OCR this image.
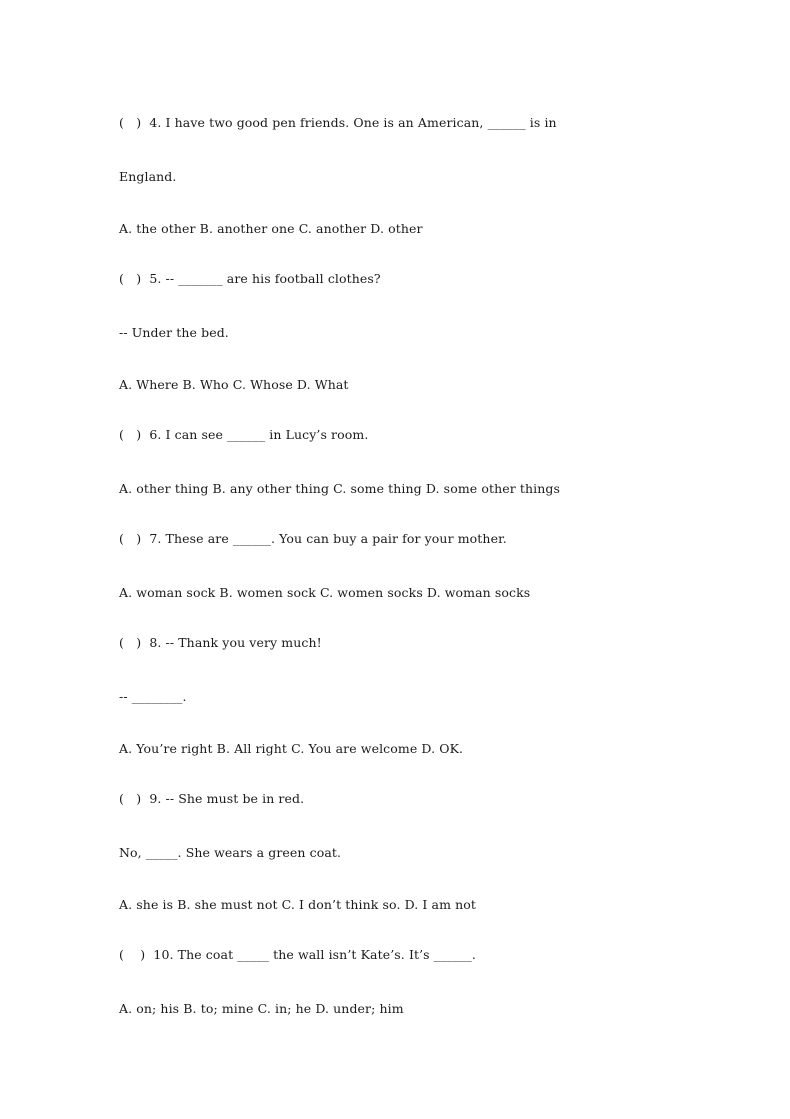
(   )  4. I have two good pen friends. One is an American, ______ is in
England.
A. the other B. another one C. another D. other
(   )  5. -- _______ are his football clothes?
-- Under the bed.
A. Where B. Who C. Whose D. What
(   )  6. I can see ______ in Lucy’s room.
A. other thing B. any other thing C. some thing D. some other things
(   )  7. These are ______. You can buy a pair for your mother.
A. woman sock B. women sock C. women socks D. woman socks
(   )  8. -- Thank you very much!
-- ________.
A. You’re right B. All right C. You are welcome D. OK.
(   )  9. -- She must be in red.
No, _____. She wears a green coat.
A. she is B. she must not C. I don’t think so. D. I am not
(    )  10. The coat _____ the wall isn’t Kate’s. It’s ______.
A. on; his B. to; mine C. in; he D. under; him
